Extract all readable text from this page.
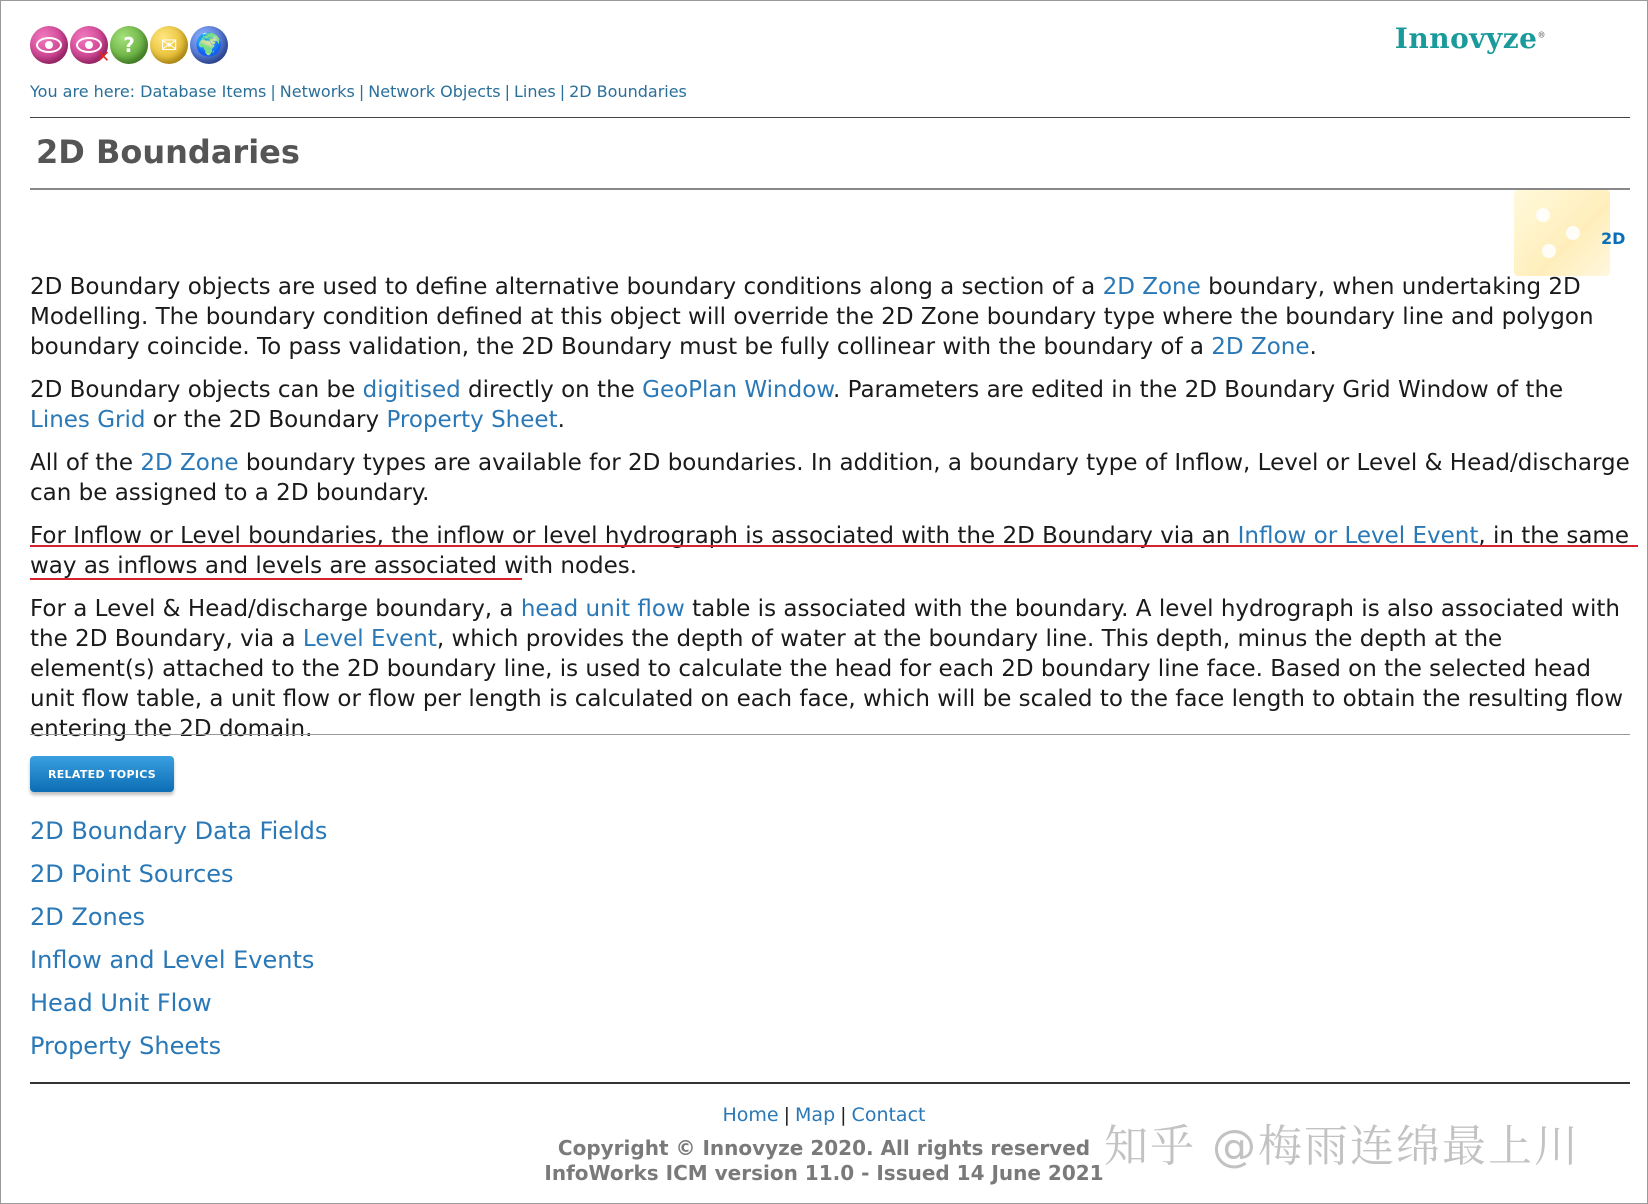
✕ ? ✉ 🌍	Innovyze®
You are here: Database Items | Networks | Network Objects | Lines | 2D Boundaries
2D Boundaries
2D

2D Boundary objects are used to define alternative boundary conditions along a section of a 2D Zone boundary, when undertaking 2D Modelling. The boundary condition defined at this object will override the 2D Zone boundary type where the boundary line and polygon boundary coincide. To pass validation, the 2D Boundary must be fully collinear with the boundary of a 2D Zone.

2D Boundary objects can be digitised directly on the GeoPlan Window. Parameters are edited in the 2D Boundary Grid Window of the Lines Grid or the 2D Boundary Property Sheet.

All of the 2D Zone boundary types are available for 2D boundaries. In addition, a boundary type of Inflow, Level or Level & Head/discharge can be assigned to a 2D boundary.

For Inflow or Level boundaries, the inflow or level hydrograph is associated with the 2D Boundary via an Inflow or Level Event, in the same way as inflows and levels are associated with nodes.

For a Level & Head/discharge boundary, a head unit flow table is associated with the boundary. A level hydrograph is also associated with the 2D Boundary, via a Level Event, which provides the depth of water at the boundary line. This depth, minus the depth at the element(s) attached to the 2D boundary line, is used to calculate the head for each 2D boundary line face. Based on the selected head unit flow table, a unit flow or flow per length is calculated on each face, which will be scaled to the face length to obtain the resulting flow entering the 2D domain.

RELATED TOPICS
2D Boundary Data Fields
2D Point Sources
2D Zones
Inflow and Level Events
Head Unit Flow
Property Sheets
Home | Map | Contact
Copyright © Innovyze 2020. All rights reserved
InfoWorks ICM version 11.0 - Issued 14 June 2021
知乎 @梅雨连绵最上川
